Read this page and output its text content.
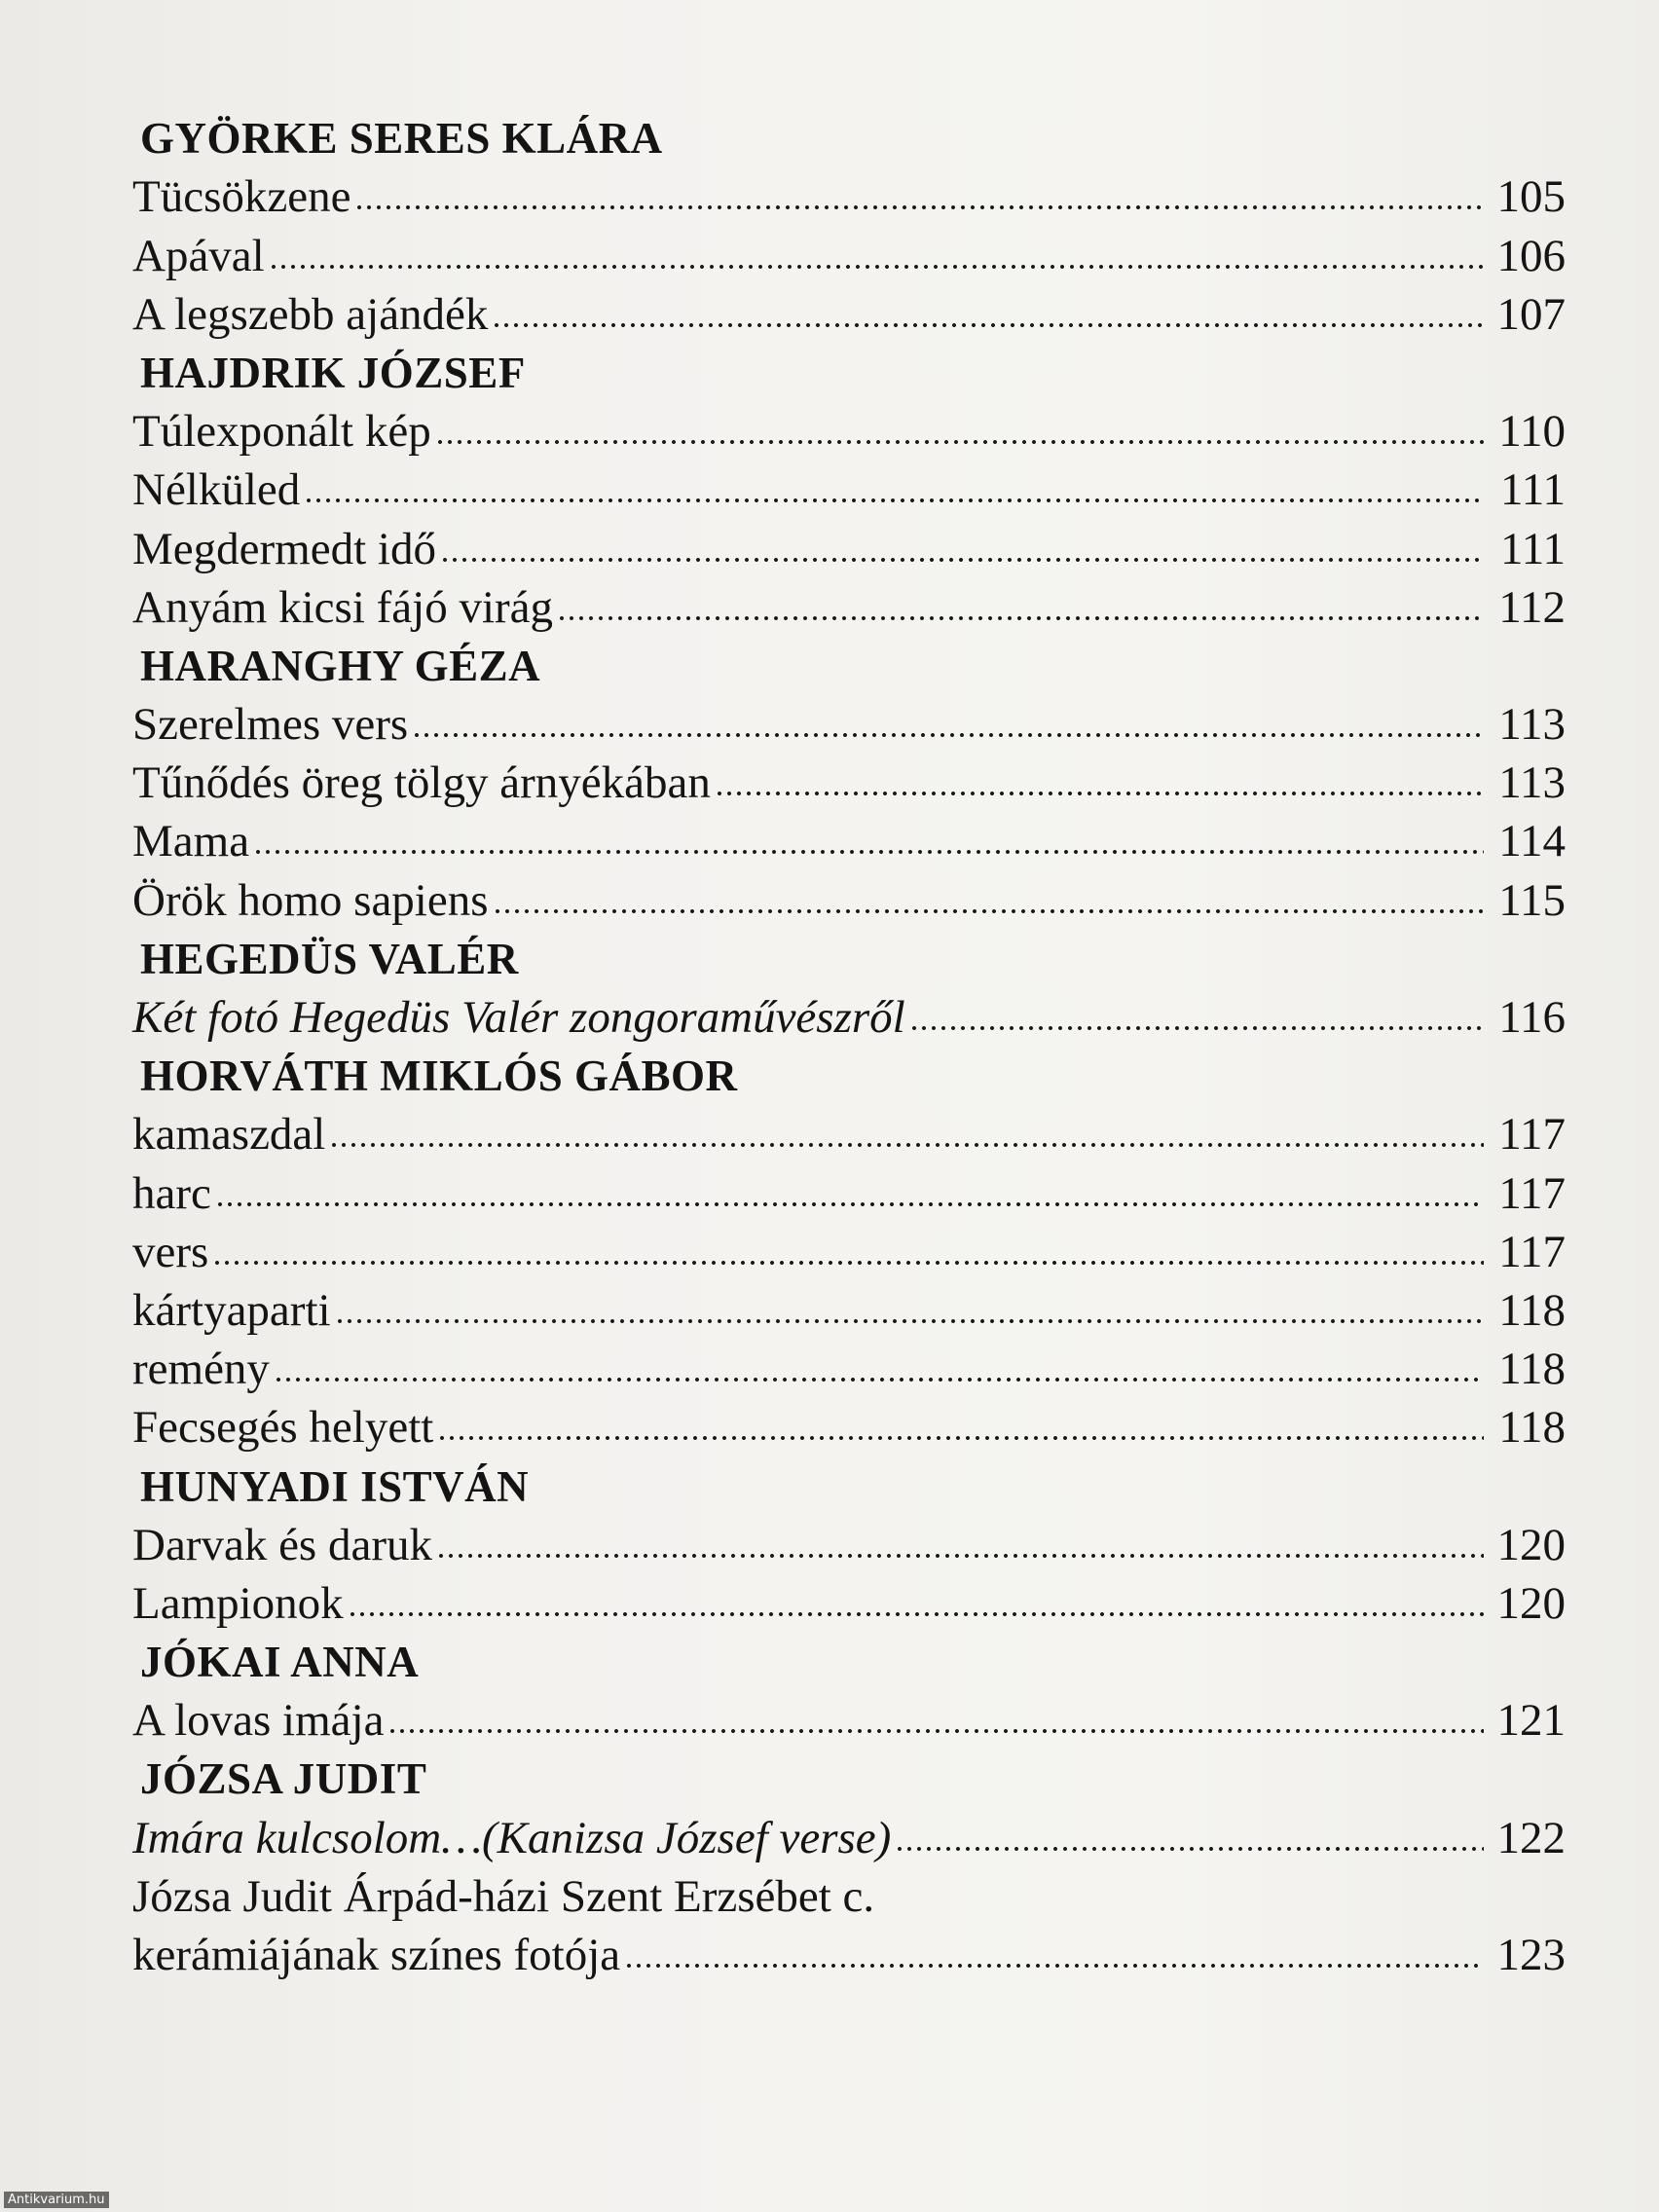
GYÖRKE SERES KLÁRA
Tücsökzene	105
Apával	106
A legszebb ajándék	107
HAJDRIK JÓZSEF
Túlexponált kép	110
Nélküled	111
Megdermedt idő	111
Anyám kicsi fájó virág	112
HARANGHY GÉZA
Szerelmes vers	113
Tűnődés öreg tölgy árnyékában	113
Mama	114
Örök homo sapiens	115
HEGEDÜS VALÉR
Két fotó Hegedüs Valér zongoraművészről	116
HORVÁTH MIKLÓS GÁBOR
kamaszdal	117
harc	117
vers	117
kártyaparti	118
remény	118
Fecsegés helyett	118
HUNYADI ISTVÁN
Darvak és daruk	120
Lampionok	120
JÓKAI ANNA
A lovas imája	121
JÓZSA JUDIT
Imára kulcsolom…(Kanizsa József verse)	122
Józsa Judit Árpád-házi Szent Erzsébet c.
kerámiájának színes fotója	123
Antikvarium.hu
